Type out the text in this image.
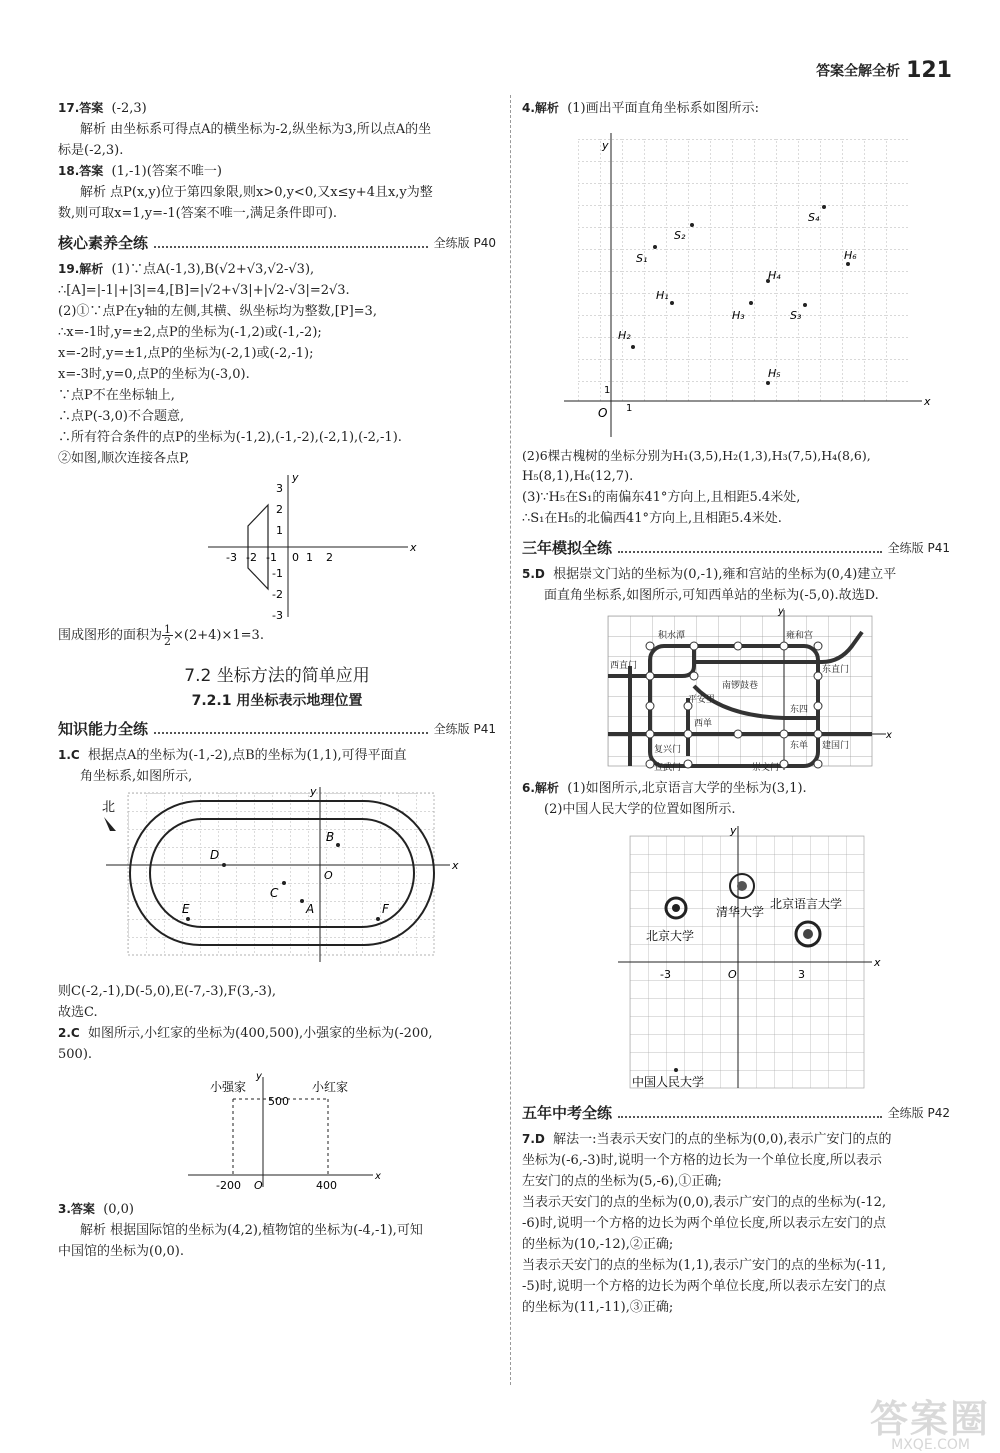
答案全解全析 121

17.答案 (-2,3)

解析 由坐标系可得点A的横坐标为-2,纵坐标为3,所以点A的坐

标是(-2,3).

18.答案 (1,-1)(答案不唯一)

解析 点P(x,y)位于第四象限,则x>0,y<0,又x≤y+4且x,y为整

数,则可取x=1,y=-1(答案不唯一,满足条件即可).

核心素养全练	全练版 P40

19.解析 (1)∵点A(-1,3),B(√2+√3,√2-√3),

∴[A]=|-1|+|3|=4,[B]=|√2+√3|+|√2-√3|=2√3.

(2)①∵点P在y轴的左侧,其横、纵坐标均为整数,[P]=3,

∴x=-1时,y=±2,点P的坐标为(-1,2)或(-1,-2);

x=-2时,y=±1,点P的坐标为(-2,1)或(-2,-1);

x=-3时,y=0,点P的坐标为(-3,0).

∵点P不在坐标轴上,

∴点P(-3,0)不合题意,

∴所有符合条件的点P的坐标为(-1,2),(-1,-2),(-2,1),(-2,-1).

②如图,顺次连接各点P,

-3 -2 -1 0 1 2
x
y
3
2
1
-1
-2
-3

围成图形的面积为 $\frac{1}{2} \times(2+4)\times 1=3$.

7.2 坐标方法的简单应用
7.2.1 用坐标表示地理位置
知识能力全练	全练版 P41

1.C 根据点A的坐标为(-1,-2),点B的坐标为(1,1),可得平面直

角坐标系,如图所示,

北
x
y
O
B
D
C
A
E	F

则C(-2,-1),D(-5,0),E(-7,-3),F(3,-3),

故选C.

2.C 如图所示,小红家的坐标为(400,500),小强家的坐标为(-200,

500).

小强家	小红家
500
-200 O	400
x
y

3.答案 (0,0)

解析 根据国际馆的坐标为(4,2),植物馆的坐标为(-4,-1),可知

中国馆的坐标为(0,0).

4.解析 (1)画出平面直角坐标系如图所示:

x
y
O 1
1
S₁
S₂
S₃
S₄
H₁
H₂
H₃
H₄
H₅
H₆

(2)6棵古槐树的坐标分别为H₁(3,5),H₂(1,3),H₃(7,5),H₄(8,6),

H₅(8,1),H₆(12,7).

(3)∵H₅在S₁的南偏东41°方向上,且相距5.4米处,

∴S₁在H₅的北偏西41°方向上,且相距5.4米处.

三年模拟全练	全练版 P41

5.D 根据崇文门站的坐标为(0,-1),雍和宫站的坐标为(0,4)建立平

面直角坐标系,如图所示,可知西单站的坐标为(-5,0).故选D.

x
y
积水潭	雍和宫
西直门
南锣鼓巷
东直门
平安里
东四
西单
复兴门	东单 建国门
宣武门	崇文门

6.解析 (1)如图所示,北京语言大学的坐标为(3,1).

(2)中国人民大学的位置如图所示.

x
y
-3	O	3
北京大学
清华大学
北京语言大学
中国人民大学
五年中考全练	全练版 P42

7.D 解法一:当表示天安门的点的坐标为(0,0),表示广安门的点的

坐标为(-6,-3)时,说明一个方格的边长为一个单位长度,所以表示

左安门的点的坐标为(5,-6),①正确;

当表示天安门的点的坐标为(0,0),表示广安门的点的坐标为(-12,

-6)时,说明一个方格的边长为两个单位长度,所以表示左安门的点

的坐标为(10,-12),②正确;

当表示天安门的点的坐标为(1,1),表示广安门的点的坐标为(-11,

-5)时,说明一个方格的边长为两个单位长度,所以表示左安门的点

的坐标为(11,-11),③正确;

答案圈
MXQE.COM
